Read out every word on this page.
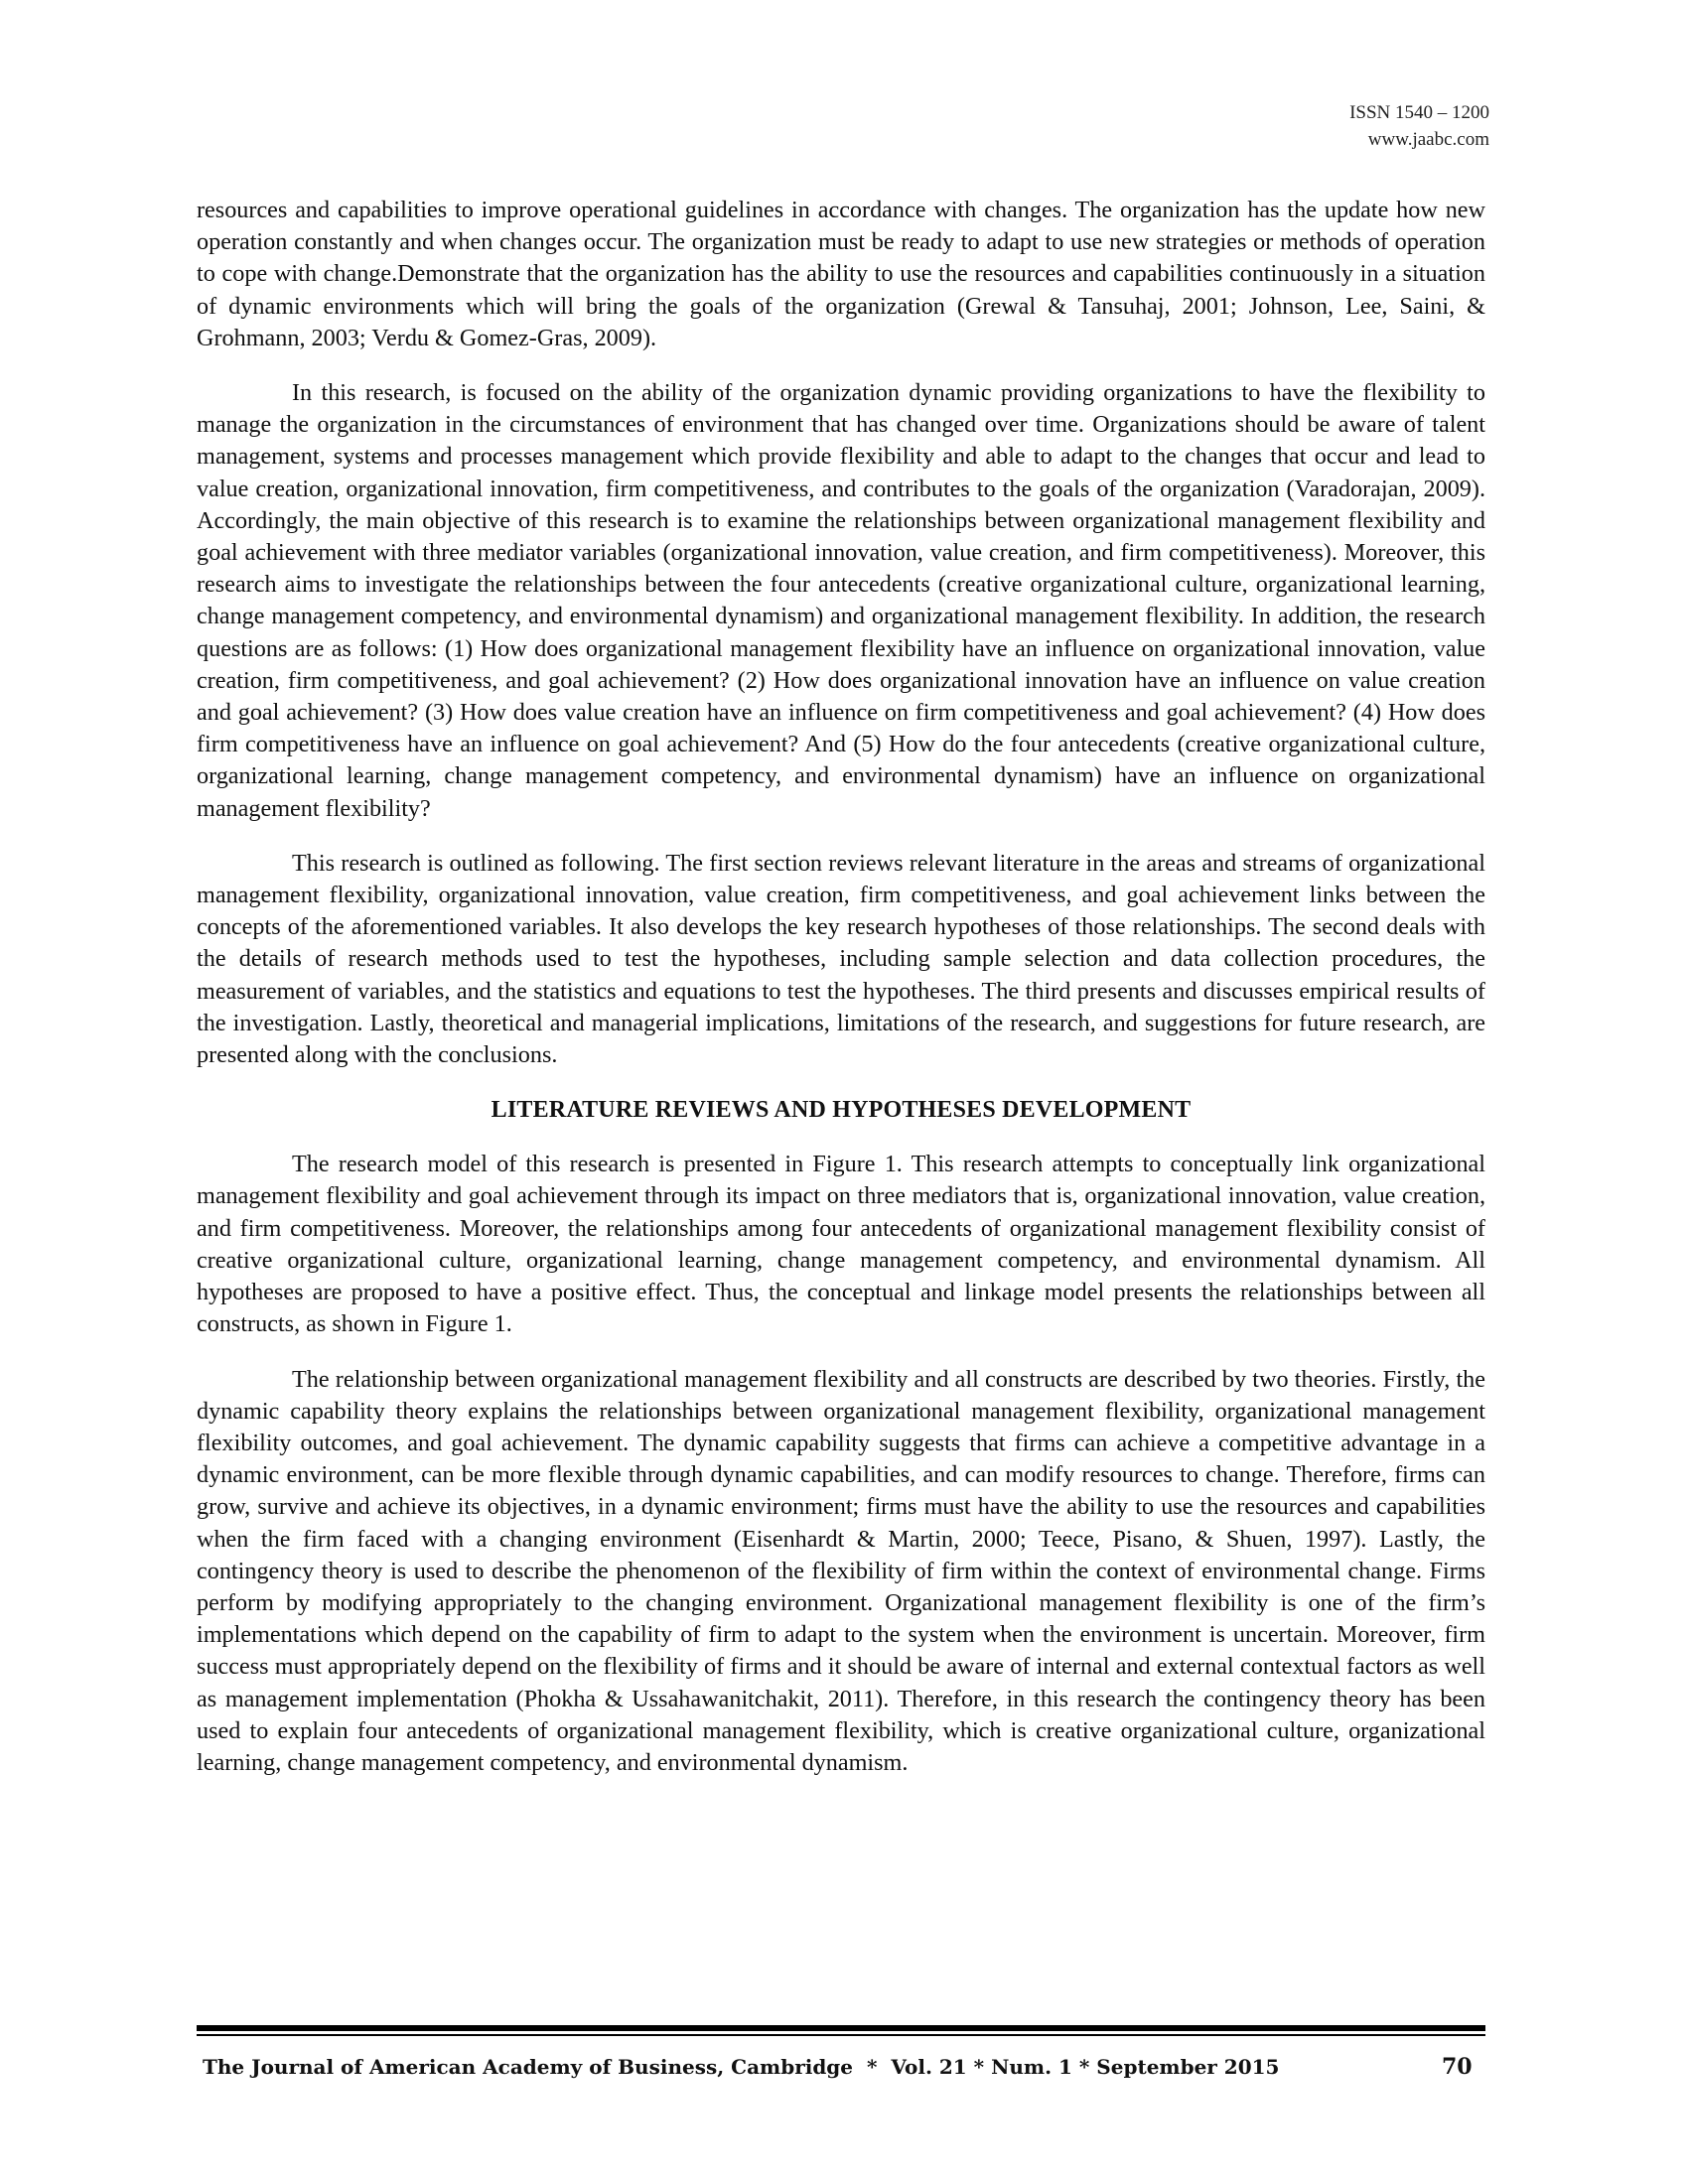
ISSN 1540 – 1200
www.jaabc.com

resources and capabilities to improve operational guidelines in accordance with changes. The organization has the update how new operation constantly and when changes occur. The organization must be ready to adapt to use new strategies or methods of operation to cope with change.Demonstrate that the organization has the ability to use the resources and capabilities continuously in a situation of dynamic environments which will bring the goals of the organization (Grewal & Tansuhaj, 2001; Johnson, Lee, Saini, & Grohmann, 2003; Verdu & Gomez-Gras, 2009).

In this research, is focused on the ability of the organization dynamic providing organizations to have the flexibility to manage the organization in the circumstances of environment that has changed over time. Organizations should be aware of talent management, systems and processes management which provide flexibility and able to adapt to the changes that occur and lead to value creation, organizational innovation, firm competitiveness, and contributes to the goals of the organization (Varadorajan, 2009). Accordingly, the main objective of this research is to examine the relationships between organizational management flexibility and goal achievement with three mediator variables (organizational innovation, value creation, and firm competitiveness). Moreover, this research aims to investigate the relationships between the four antecedents (creative organizational culture, organizational learning, change management competency, and environmental dynamism) and organizational management flexibility. In addition, the research questions are as follows: (1) How does organizational management flexibility have an influence on organizational innovation, value creation, firm competitiveness, and goal achievement? (2) How does organizational innovation have an influence on value creation and goal achievement? (3) How does value creation have an influence on firm competitiveness and goal achievement? (4) How does firm competitiveness have an influence on goal achievement? And (5) How do the four antecedents (creative organizational culture, organizational learning, change management competency, and environmental dynamism) have an influence on organizational management flexibility?

This research is outlined as following. The first section reviews relevant literature in the areas and streams of organizational management flexibility, organizational innovation, value creation, firm competitiveness, and goal achievement links between the concepts of the aforementioned variables. It also develops the key research hypotheses of those relationships. The second deals with the details of research methods used to test the hypotheses, including sample selection and data collection procedures, the measurement of variables, and the statistics and equations to test the hypotheses. The third presents and discusses empirical results of the investigation. Lastly, theoretical and managerial implications, limitations of the research, and suggestions for future research, are presented along with the conclusions.

LITERATURE REVIEWS AND HYPOTHESES DEVELOPMENT

The research model of this research is presented in Figure 1. This research attempts to conceptually link organizational management flexibility and goal achievement through its impact on three mediators that is, organizational innovation, value creation, and firm competitiveness. Moreover, the relationships among four antecedents of organizational management flexibility consist of creative organizational culture, organizational learning, change management competency, and environmental dynamism. All hypotheses are proposed to have a positive effect. Thus, the conceptual and linkage model presents the relationships between all constructs, as shown in Figure 1.

The relationship between organizational management flexibility and all constructs are described by two theories. Firstly, the dynamic capability theory explains the relationships between organizational management flexibility, organizational management flexibility outcomes, and goal achievement. The dynamic capability suggests that firms can achieve a competitive advantage in a dynamic environment, can be more flexible through dynamic capabilities, and can modify resources to change. Therefore, firms can grow, survive and achieve its objectives, in a dynamic environment; firms must have the ability to use the resources and capabilities when the firm faced with a changing environment (Eisenhardt & Martin, 2000; Teece, Pisano, & Shuen, 1997). Lastly, the contingency theory is used to describe the phenomenon of the flexibility of firm within the context of environmental change. Firms perform by modifying appropriately to the changing environment. Organizational management flexibility is one of the firm’s implementations which depend on the capability of firm to adapt to the system when the environment is uncertain. Moreover, firm success must appropriately depend on the flexibility of firms and it should be aware of internal and external contextual factors as well as management implementation (Phokha & Ussahawanitchakit, 2011). Therefore, in this research the contingency theory has been used to explain four antecedents of organizational management flexibility, which is creative organizational culture, organizational learning, change management competency, and environmental dynamism.

The Journal of American Academy of Business, Cambridge  *  Vol. 21 * Num. 1 * September 2015	70
